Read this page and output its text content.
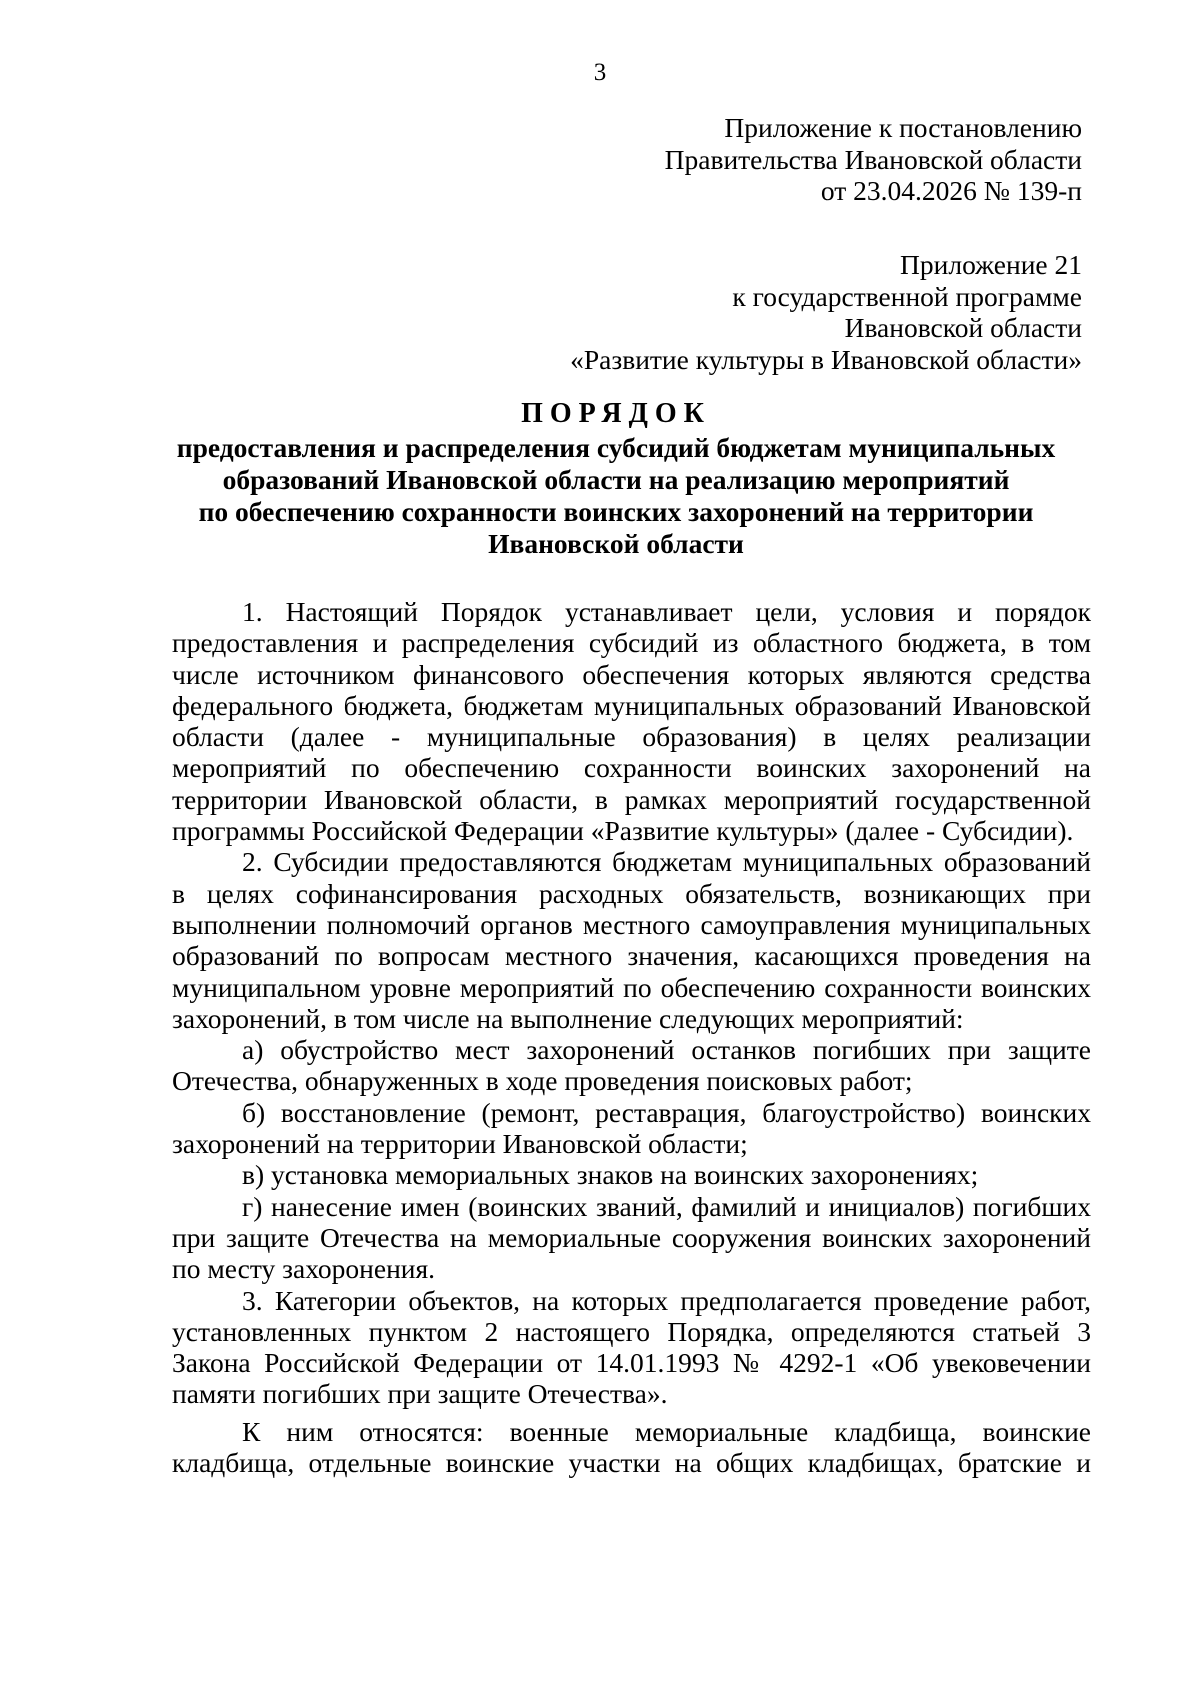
3
Приложение к постановлению
Правительства Ивановской области
от 23.04.2026 № 139-п
Приложение 21
к государственной программе
Ивановской области
«Развитие культуры в Ивановской области»
ПОРЯДОК
предоставления и распределения субсидий бюджетам муниципальных
образований Ивановской области на реализацию мероприятий
по обеспечению сохранности воинских захоронений на территории
Ивановской области

1. Настоящий Порядок устанавливает цели, условия и порядок предоставления и распределения субсидий из областного бюджета, в том числе источником финансового обеспечения которых являются средства федерального бюджета, бюджетам муниципальных образований Ивановской области (далее - муниципальные образования) в целях реализации мероприятий по обеспечению сохранности воинских захоронений на территории Ивановской области, в рамках мероприятий государственной программы Российской Федерации «Развитие культуры» (далее - Субсидии).

2. Субсидии предоставляются бюджетам муниципальных образований в целях софинансирования расходных обязательств, возникающих при выполнении полномочий органов местного самоуправления муниципальных образований по вопросам местного значения, касающихся проведения на муниципальном уровне мероприятий по обеспечению сохранности воинских захоронений, в том числе на выполнение следующих мероприятий:

а) обустройство мест захоронений останков погибших при защите Отечества, обнаруженных в ходе проведения поисковых работ;

б) восстановление (ремонт, реставрация, благоустройство) воинских захоронений на территории Ивановской области;

в) установка мемориальных знаков на воинских захоронениях;

г) нанесение имен (воинских званий, фамилий и инициалов) погибших при защите Отечества на мемориальные сооружения воинских захоронений по месту захоронения.

3. Категории объектов, на которых предполагается проведение работ, установленных пунктом 2 настоящего Порядка, определяются статьей 3 Закона Российской Федерации от 14.01.1993 № 4292-1 «Об увековечении памяти погибших при защите Отечества».

К ним относятся: военные мемориальные кладбища, воинские кладбища, отдельные воинские участки на общих кладбищах, братские и
